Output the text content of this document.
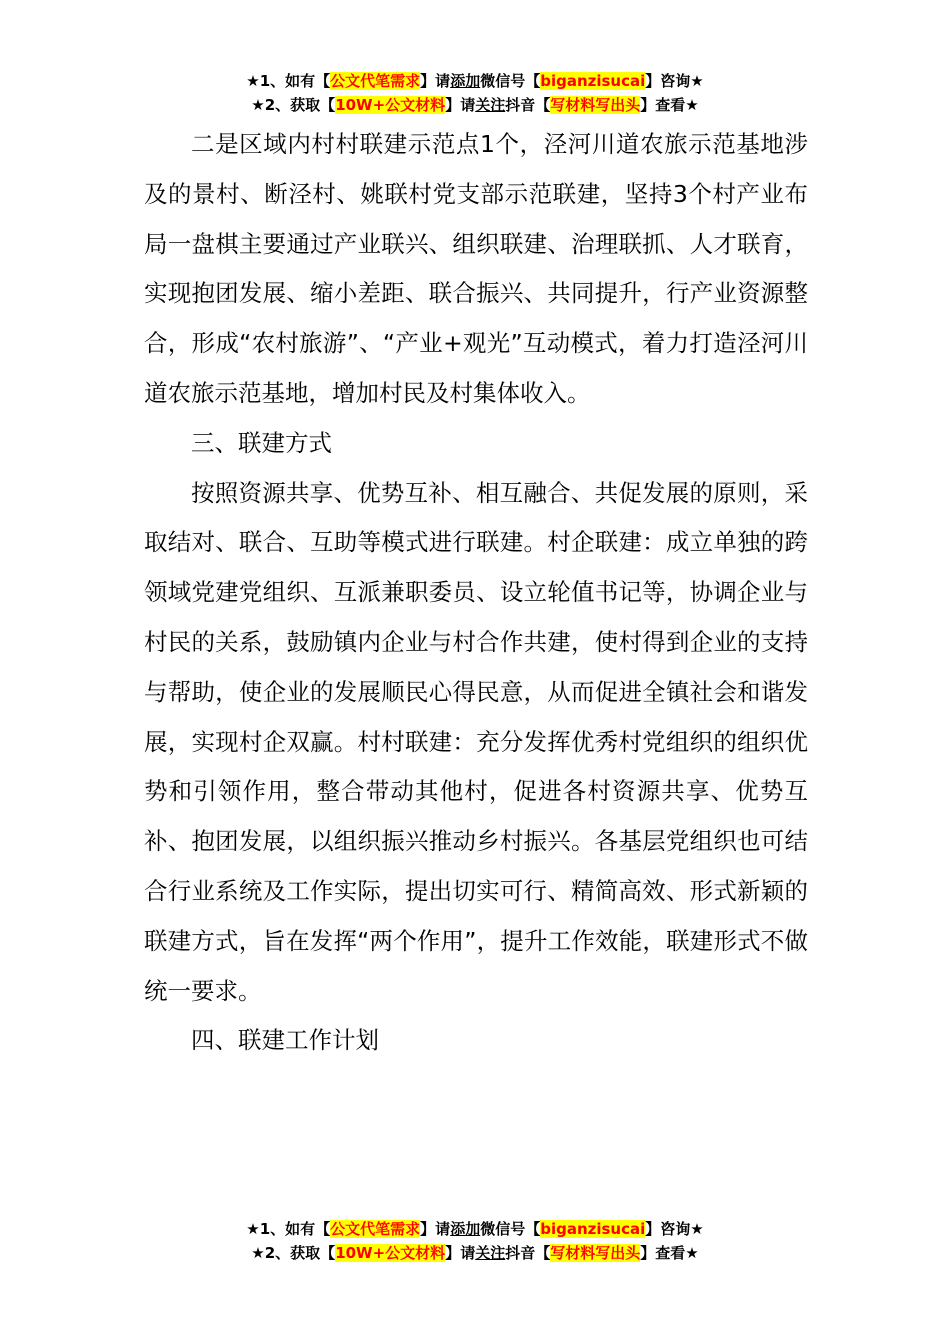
★1、如有【公文代笔需求】请添加微信号【biganzisucai】咨询★
★2、获取【10W+公文材料】请关注抖音【写材料写出头】查看★

二是区域内村村联建示范点1个，泾河川道农旅示范基地涉及的景村、断泾村、姚联村党支部示范联建，坚持3个村产业布局一盘棋主要通过产业联兴、组织联建、治理联抓、人才联育，实现抱团发展、缩小差距、联合振兴、共同提升，行产业资源整合，形成“农村旅游”、“产业+观光”互动模式，着力打造泾河川道农旅示范基地，增加村民及村集体收入。

三、联建方式

按照资源共享、优势互补、相互融合、共促发展的原则，采取结对、联合、互助等模式进行联建。村企联建：成立单独的跨领域党建党组织、互派兼职委员、设立轮值书记等，协调企业与村民的关系，鼓励镇内企业与村合作共建，使村得到企业的支持与帮助，使企业的发展顺民心得民意，从而促进全镇社会和谐发展，实现村企双赢。村村联建：充分发挥优秀村党组织的组织优势和引领作用，整合带动其他村，促进各村资源共享、优势互补、抱团发展，以组织振兴推动乡村振兴。各基层党组织也可结合行业系统及工作实际，提出切实可行、精简高效、形式新颖的联建方式，旨在发挥“两个作用”，提升工作效能，联建形式不做统一要求。

四、联建工作计划

★1、如有【公文代笔需求】请添加微信号【biganzisucai】咨询★
★2、获取【10W+公文材料】请关注抖音【写材料写出头】查看★
